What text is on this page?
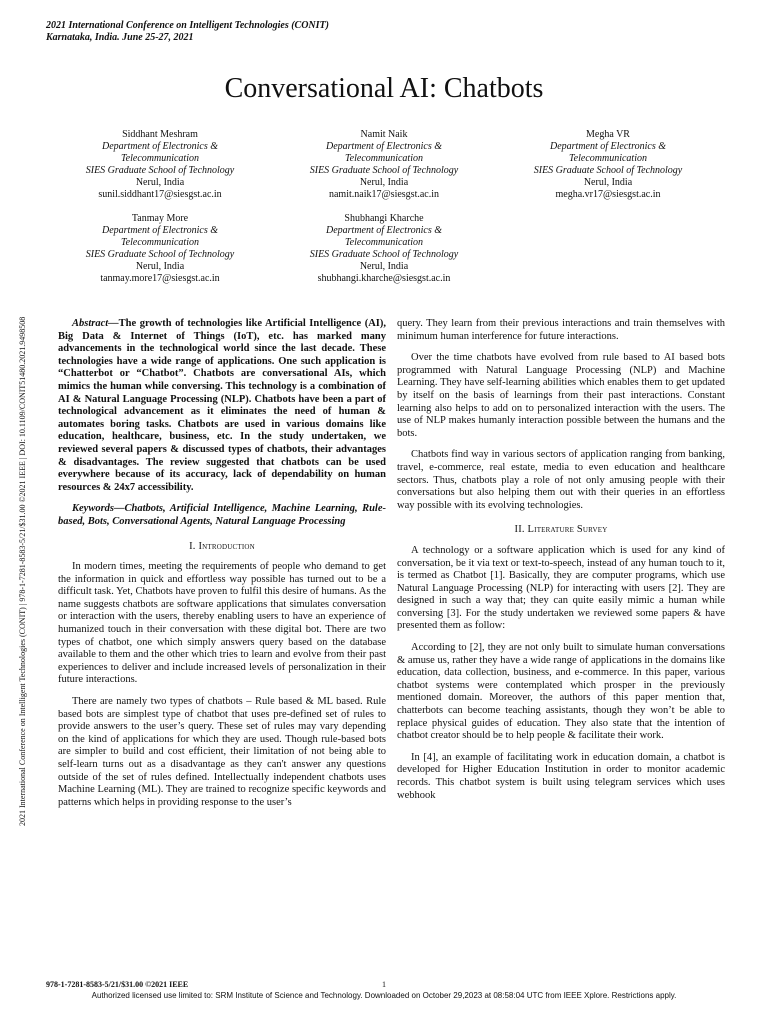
2021 International Conference on Intelligent Technologies (CONIT)
Karnataka, India. June 25-27, 2021
Conversational AI: Chatbots
Siddhant Meshram
Department of Electronics &
Telecommunication
SIES Graduate School of Technology
Nerul, India
sunil.siddhant17@siesgst.ac.in
Namit Naik
Department of Electronics &
Telecommunication
SIES Graduate School of Technology
Nerul, India
namit.naik17@siesgst.ac.in
Megha VR
Department of Electronics &
Telecommunication
SIES Graduate School of Technology
Nerul, India
megha.vr17@siesgst.ac.in
Tanmay More
Department of Electronics &
Telecommunication
SIES Graduate School of Technology
Nerul, India
tanmay.more17@siesgst.ac.in
Shubhangi Kharche
Department of Electronics &
Telecommunication
SIES Graduate School of Technology
Nerul, India
shubhangi.kharche@siesgst.ac.in
2021 International Conference on Intelligent Technologies (CONIT) | 978-1-7281-8583-5/21/$31.00 ©2021 IEEE | DOI: 10.1109/CONIT51480.2021.9498508	Abstract—The growth of technologies like Artificial Intelligence (AI), Big Data & Internet of Things (IoT), etc. has marked many advancements in the technological world since the last decade. These technologies have a wide range of applications. One such application is “Chatterbot or “Chatbot”. Chatbots are conversational AIs, which mimics the human while conversing. This technology is a combination of AI & Natural Language Processing (NLP). Chatbots have been a part of technological advancement as it eliminates the need of human & automates boring tasks. Chatbots are used in various domains like education, healthcare, business, etc. In the study undertaken, we reviewed several papers & discussed types of chatbots, their advantages & disadvantages. The review suggested that chatbots can be used everywhere because of its accuracy, lack of dependability on human resources & 24x7 accessibility.

Keywords—Chatbots, Artificial Intelligence, Machine Learning, Rule-based, Bots, Conversational Agents, Natural Language Processing

I. Introduction

In modern times, meeting the requirements of people who demand to get the information in quick and effortless way possible has turned out to be a difficult task. Yet, Chatbots have proven to fulfil this desire of humans. As the name suggests chatbots are software applications that simulates conversation or interaction with the users, thereby enabling users to have an experience of humanized touch in their conversation with these digital bot. There are two types of chatbot, one which simply answers query based on the database available to them and the other which tries to learn and evolve from their past experiences to deliver and include increased levels of personalization in their future interactions.

There are namely two types of chatbots – Rule based & ML based. Rule based bots are simplest type of chatbot that uses pre-defined set of rules to provide answers to the user’s query. These set of rules may vary depending on the kind of applications for which they are used. Though rule-based bots are simpler to build and cost efficient, their limitation of not being able to self-learn turns out as a disadvantage as they can't answer any questions outside of the set of rules defined. Intellectually independent chatbots uses Machine Learning (ML). They are trained to recognize specific keywords and patterns which helps in providing response to the user’s

query. They learn from their previous interactions and train themselves with minimum human interference for future interactions.

Over the time chatbots have evolved from rule based to AI based bots programmed with Natural Language Processing (NLP) and Machine Learning. They have self-learning abilities which enables them to get updated by itself on the basis of learnings from their past interactions. Constant learning also helps to add on to personalized interaction with the users. The use of NLP makes humanly interaction possible between the humans and the bots.

Chatbots find way in various sectors of application ranging from banking, travel, e-commerce, real estate, media to even education and healthcare sectors. Thus, chatbots play a role of not only amusing people with their conversations but also helping them out with their queries in an effortless way possible with its evolving technologies.

II. Literature Survey

A technology or a software application which is used for any kind of conversation, be it via text or text-to-speech, instead of any human touch to it, is termed as Chatbot [1]. Basically, they are computer programs, which use Natural Language Processing (NLP) for interacting with users [2]. They are designed in such a way that; they can quite easily mimic a human while conversing [3]. For the study undertaken we reviewed some papers & have presented them as follow:

According to [2], they are not only built to simulate human conversations & amuse us, rather they have a wide range of applications in the domains like education, data collection, business, and e-commerce. In this paper, various chatbot systems were contemplated which prosper in the previously mentioned domain. Moreover, the authors of this paper mention that, chatterbots can become teaching assistants, though they won’t be able to replace physical guides of education. They also state that the intention of chatbot creator should be to help people & facilitate their work.

In [4], an example of facilitating work in education domain, a chatbot is developed for Higher Education Institution in order to monitor academic records. This chatbot system is built using telegram services which uses webhook

978-1-7281-8583-5/21/$31.00 ©2021 IEEE	1
Authorized licensed use limited to: SRM Institute of Science and Technology. Downloaded on October 29,2023 at 08:58:04 UTC from IEEE Xplore. Restrictions apply.
